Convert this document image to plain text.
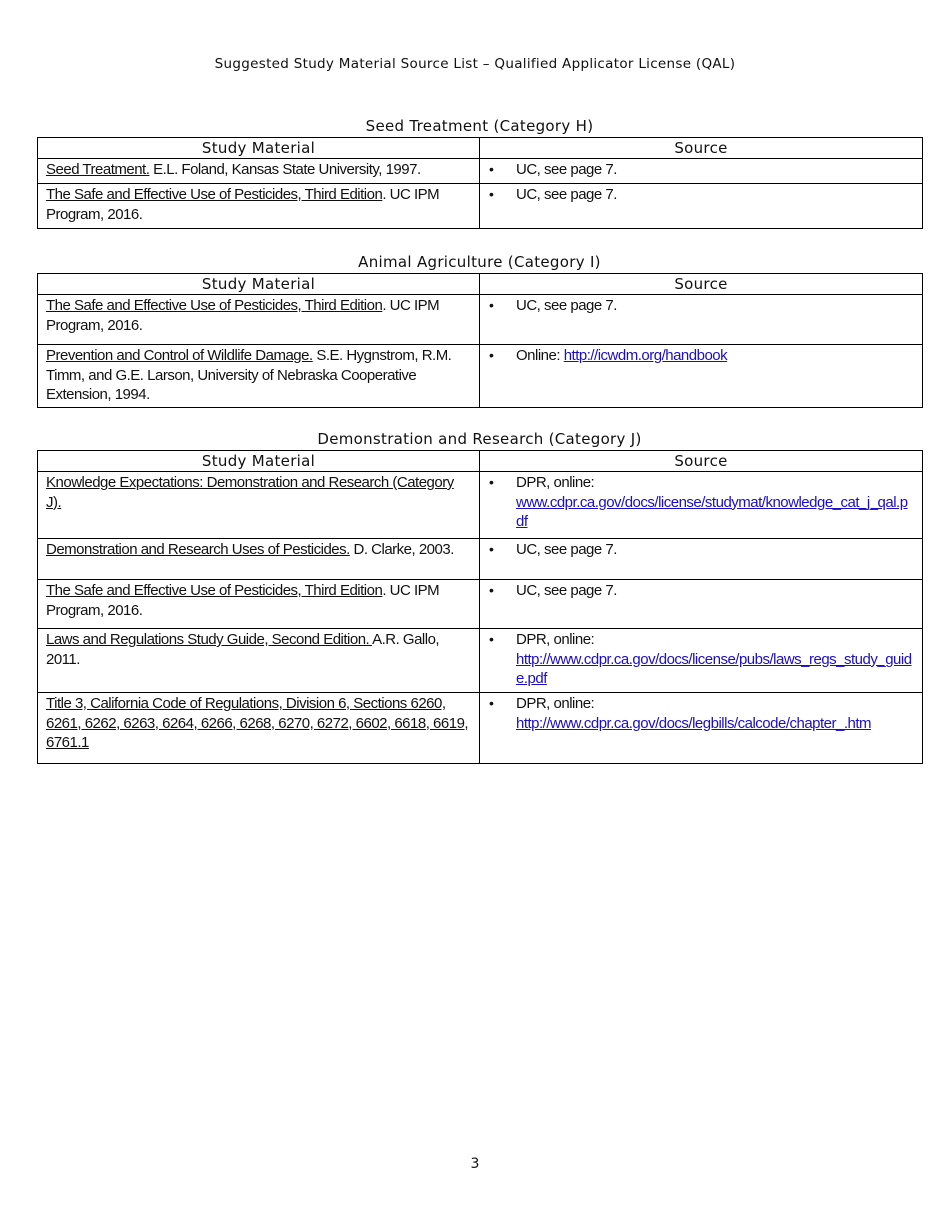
Suggested Study Material Source List – Qualified Applicator License (QAL)
Seed Treatment (Category H)
Study Material	Source
Seed Treatment. E.L. Foland, Kansas State University, 1997.	• UC, see page 7.

The Safe and Effective Use of Pesticides, Third Edition. UC IPM Program, 2016.	• UC, see page 7.
Animal Agriculture (Category I)
Study Material	Source
The Safe and Effective Use of Pesticides, Third Edition. UC IPM Program, 2016.	• UC, see page 7.

Prevention and Control of Wildlife Damage. S.E. Hygnstrom, R.M. Timm, and G.E. Larson, University of Nebraska Cooperative Extension, 1994.	• Online: http://icwdm.org/handbook
Demonstration and Research (Category J)
Study Material	Source
Knowledge Expectations: Demonstration and Research (Category J).	• DPR, online:
www.cdpr.ca.gov/docs/license/studymat/knowledge_cat_j_qal.pdf

Demonstration and Research Uses of Pesticides. D. Clarke, 2003.	• UC, see page 7.

The Safe and Effective Use of Pesticides, Third Edition. UC IPM Program, 2016.	• UC, see page 7.

Laws and Regulations Study Guide, Second Edition. A.R. Gallo, 2011.	• DPR, online:
http://www.cdpr.ca.gov/docs/license/pubs/laws_regs_study_guide.pdf

Title 3, California Code of Regulations, Division 6, Sections 6260, 6261, 6262, 6263, 6264, 6266, 6268, 6270, 6272, 6602, 6618, 6619, 6761.1	• DPR, online:
http://www.cdpr.ca.gov/docs/legbills/calcode/chapter_.htm
3
